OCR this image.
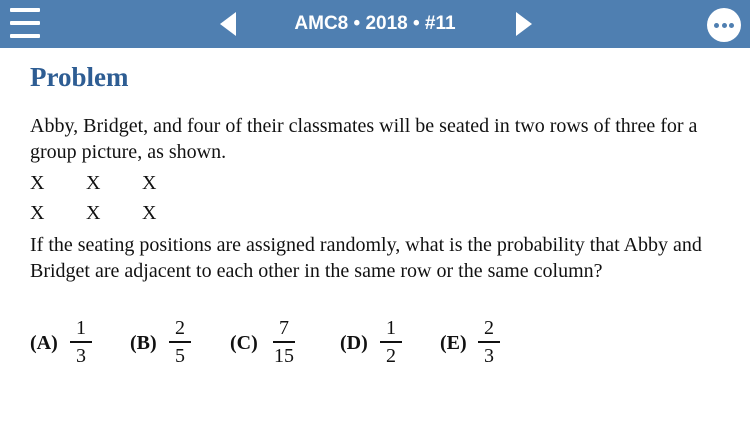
AMC8 • 2018 • #11
Problem

Abby, Bridget, and four of their classmates will be seated in two rows of three for a group picture, as shown.

X X X
X X X

If the seating positions are assigned randomly, what is the probability that Abby and Bridget are adjacent to each other in the same row or the same column?

(A)
1
3
(B)
2
5
(C)
7
15
(D)
1
2
(E)
2
3
